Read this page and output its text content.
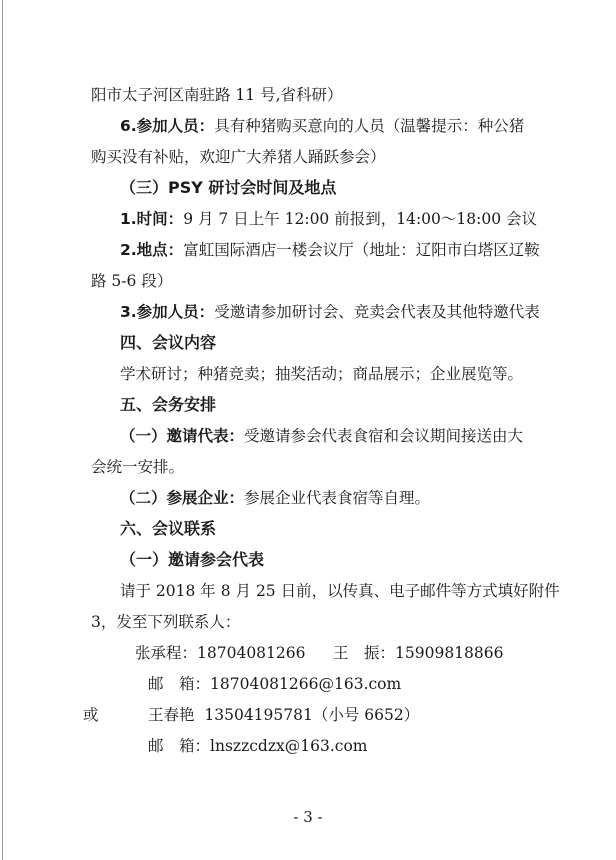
阳市太子河区南驻路 11 号,省科研）
6.参加人员：具有种猪购买意向的人员（温馨提示：种公猪
购买没有补贴，欢迎广大养猪人踊跃参会）
（三）PSY 研讨会时间及地点
1.时间：9 月 7 日上午 12:00 前报到，14:00～18:00 会议
2.地点：富虹国际酒店一楼会议厅（地址：辽阳市白塔区辽鞍
路 5-6 段）
3.参加人员：受邀请参加研讨会、竞卖会代表及其他特邀代表
四、会议内容
学术研讨；种猪竞卖；抽奖活动；商品展示；企业展览等。
五、会务安排
（一）邀请代表：受邀请参会代表食宿和会议期间接送由大
会统一安排。
（二）参展企业：参展企业代表食宿等自理。
六、会议联系
（一）邀请参会代表
请于 2018 年 8 月 25 日前，以传真、电子邮件等方式填好附件
3，发至下列联系人：
张承程：18704081266 王　振：15909818866
邮　箱：18704081266@163.com
或	王春艳 13504195781（小号 6652）
邮　箱：lnszzcdzx@163.com
- 3 -
